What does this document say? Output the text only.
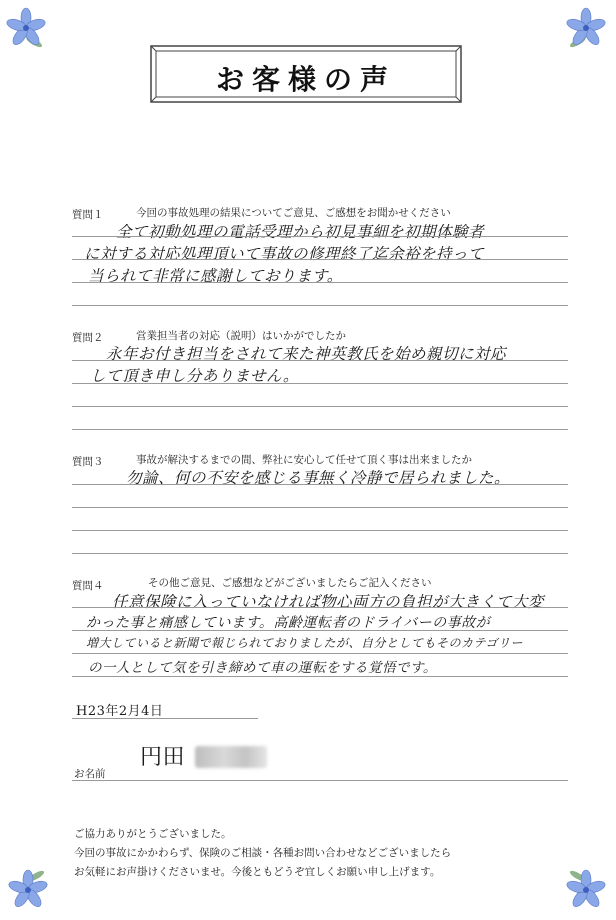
お客様の声
質問１	今回の事故処理の結果についてご意見、ご感想をお聞かせください
全て初動処理の電話受理から初見事細を初期体験者
に対する対応処理頂いて事故の修理終了迄余裕を持って
当られて非常に感謝しております。
質問２	営業担当者の対応（説明）はいかがでしたか
永年お付き担当をされて来た神英教氏を始め親切に対応
して頂き申し分ありません。
質問３	事故が解決するまでの間、弊社に安心して任せて頂く事は出来ましたか
勿論、何の不安を感じる事無く冷静で居られました。
質問４	その他ご意見、ご感想などがございましたらご記入ください
任意保険に入っていなければ物心両方の負担が大きくて大変
かった事と痛感しています。高齢運転者のドライバーの事故が
増大していると新聞で報じられておりましたが、自分としてもそのカテゴリー
の一人として気を引き締めて車の運転をする覚悟です。
H23年2月4日
お名前
円田
ご協力ありがとうございました。
今回の事故にかかわらず、保険のご相談・各種お問い合わせなどございましたら
お気軽にお声掛けくださいませ。今後ともどうぞ宜しくお願い申し上げます。
